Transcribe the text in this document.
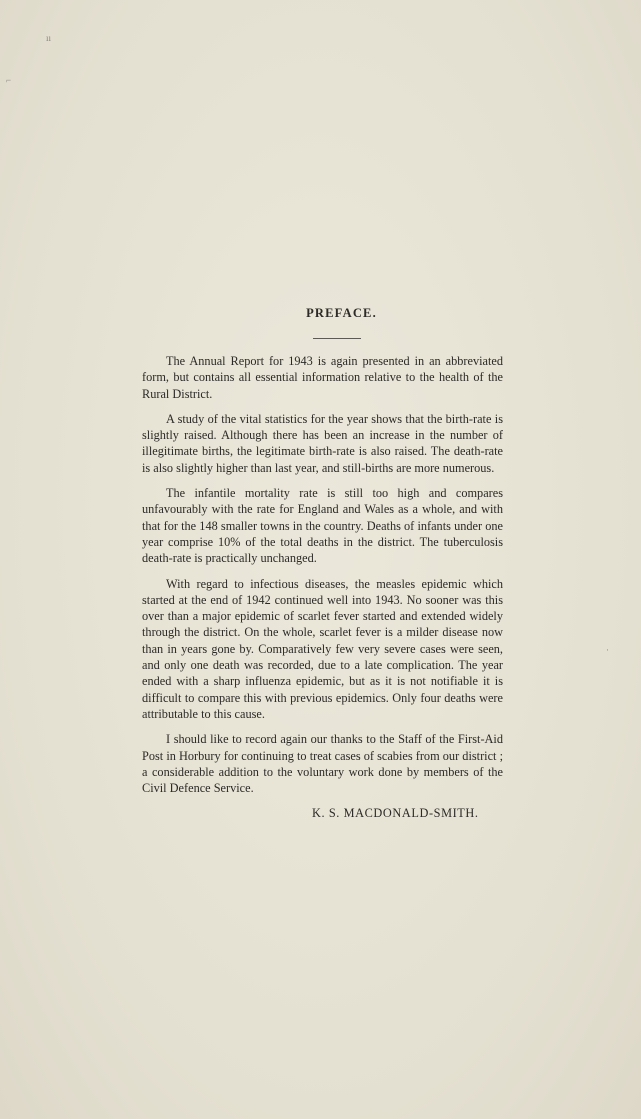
ıı
⌐
·
PREFACE.

The Annual Report for 1943 is again presented in an abbreviated form, but contains all essential information relative to the health of the Rural District.

A study of the vital statistics for the year shows that the birth-rate is slightly raised. Although there has been an increase in the number of illegitimate births, the legitimate birth-rate is also raised. The death-rate is also slightly higher than last year, and still-births are more numerous.

The infantile mortality rate is still too high and compares unfavourably with the rate for England and Wales as a whole, and with that for the 148 smaller towns in the country. Deaths of infants under one year comprise 10% of the total deaths in the district. The tuberculosis death-rate is practically unchanged.

With regard to infectious diseases, the measles epidemic which started at the end of 1942 continued well into 1943. No sooner was this over than a major epidemic of scarlet fever started and extended widely through the district. On the whole, scarlet fever is a milder disease now than in years gone by. Comparatively few very severe cases were seen, and only one death was recorded, due to a late complication. The year ended with a sharp influenza epidemic, but as it is not notifiable it is difficult to compare this with previous epidemics. Only four deaths were attributable to this cause.

I should like to record again our thanks to the Staff of the First-Aid Post in Horbury for continuing to treat cases of scabies from our district ; a considerable addition to the voluntary work done by members of the Civil Defence Service.

K. S. MACDONALD-SMITH.
